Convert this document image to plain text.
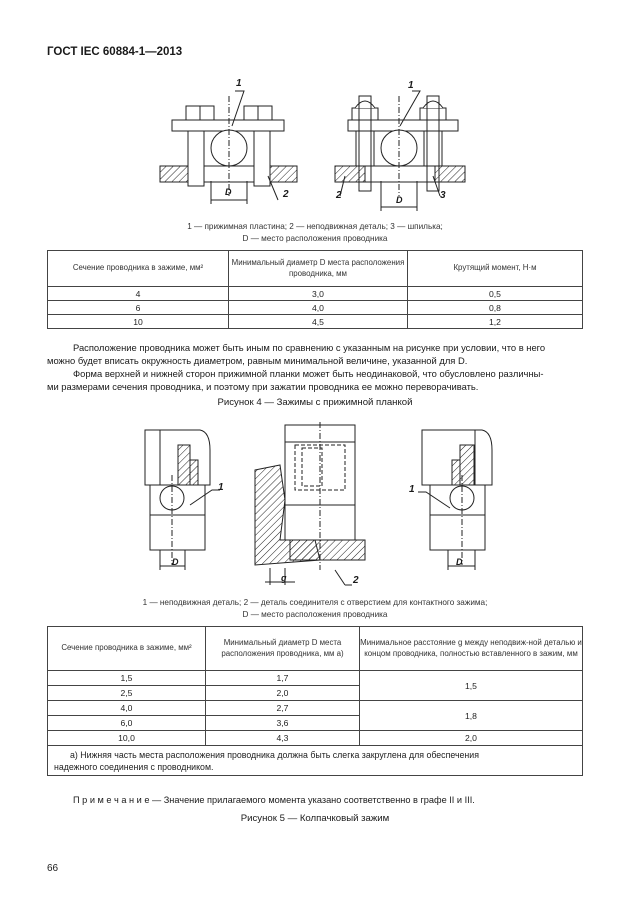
ГОСТ IEC 60884-1—2013
1
2
1
2	3
D
D
1 — прижимная пластина; 2 — неподвижная деталь; 3 — шпилька;
D — место расположения проводника
Сечение проводника в зажиме, мм²	Минимальный диаметр D места расположения проводника, мм	Крутящий момент, Н·м
4	3,0	0,5
6	4,0	0,8
10	4,5	1,2
Расположение проводника может быть иным по сравнению с указанным на рисунке при условии, что в него
можно будет вписать окружность диаметром, равным минимальной величине, указанной для D.
Форма верхней и нижней сторон прижимной планки может быть неодинаковой, что обусловлено различны-
ми размерами сечения проводника, и поэтому при зажатии проводника ее можно переворачивать.
Рисунок 4 — Зажимы с прижимной планкой
1	1
2
D
g
D
1 — неподвижная деталь; 2 — деталь соединителя с отверстием для контактного зажима;
D — место расположения проводника
Сечение проводника в зажиме, мм²	Минимальный диаметр D места расположения проводника, мм a)	Минимальное расстояние g между неподвиж-ной деталью и концом проводника, полностью вставленного в зажим, мм
1,5	1,7	1,5
2,5	2,0	
4,0	2,7	1,8
6,0	3,6	
10,0	4,3	2,0

a) Нижняя часть места расположения проводника должна быть слегка закруглена для обеспечения
надежного соединения с проводником.		
П р и м е ч а н и е — Значение прилагаемого момента указано соответственно в графе II и III.
Рисунок 5 — Колпачковый зажим
66
